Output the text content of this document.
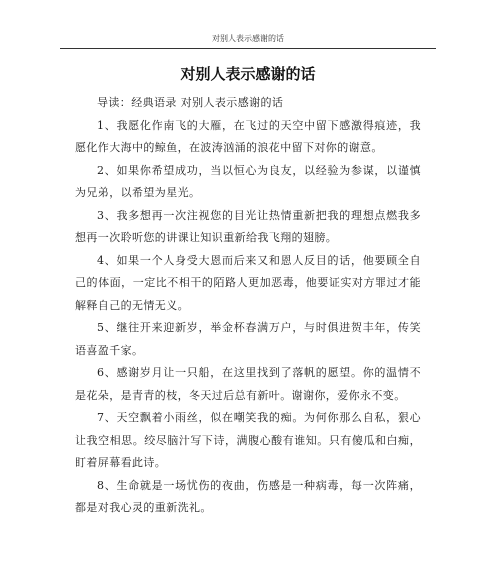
对别人表示感谢的话
对别人表示感谢的话

导读：经典语录 对别人表示感谢的话

1、我愿化作南飞的大雁，在飞过的天空中留下感激得痕迹，我愿化作大海中的鲸鱼，在波涛汹涌的浪花中留下对你的谢意。

2、如果你希望成功，当以恒心为良友，以经验为参谋，以谨慎为兄弟，以希望为星光。

3、我多想再一次注视您的目光让热情重新把我的理想点燃我多想再一次聆听您的讲课让知识重新给我飞翔的翅膀。

4、如果一个人身受大恩而后来又和恩人反目的话，他要顾全自己的体面，一定比不相干的陌路人更加恶毒，他要证实对方罪过才能解释自己的无情无义。

5、继往开来迎新岁，举金杯春满万户，与时俱进贺丰年，传笑语喜盈千家。

6、感谢岁月让一只船，在这里找到了落帆的愿望。你的温情不是花朵，是青青的枝，冬天过后总有新叶。谢谢你，爱你永不变。

7、天空飘着小雨丝，似在嘲笑我的痴。为何你那么自私，狠心让我空相思。绞尽脑汁写下诗，满腹心酸有谁知。只有傻瓜和白痴，盯着屏幕看此诗。

8、生命就是一场忧伤的夜曲，伤感是一种病毒，每一次阵痛，都是对我心灵的重新洗礼。
